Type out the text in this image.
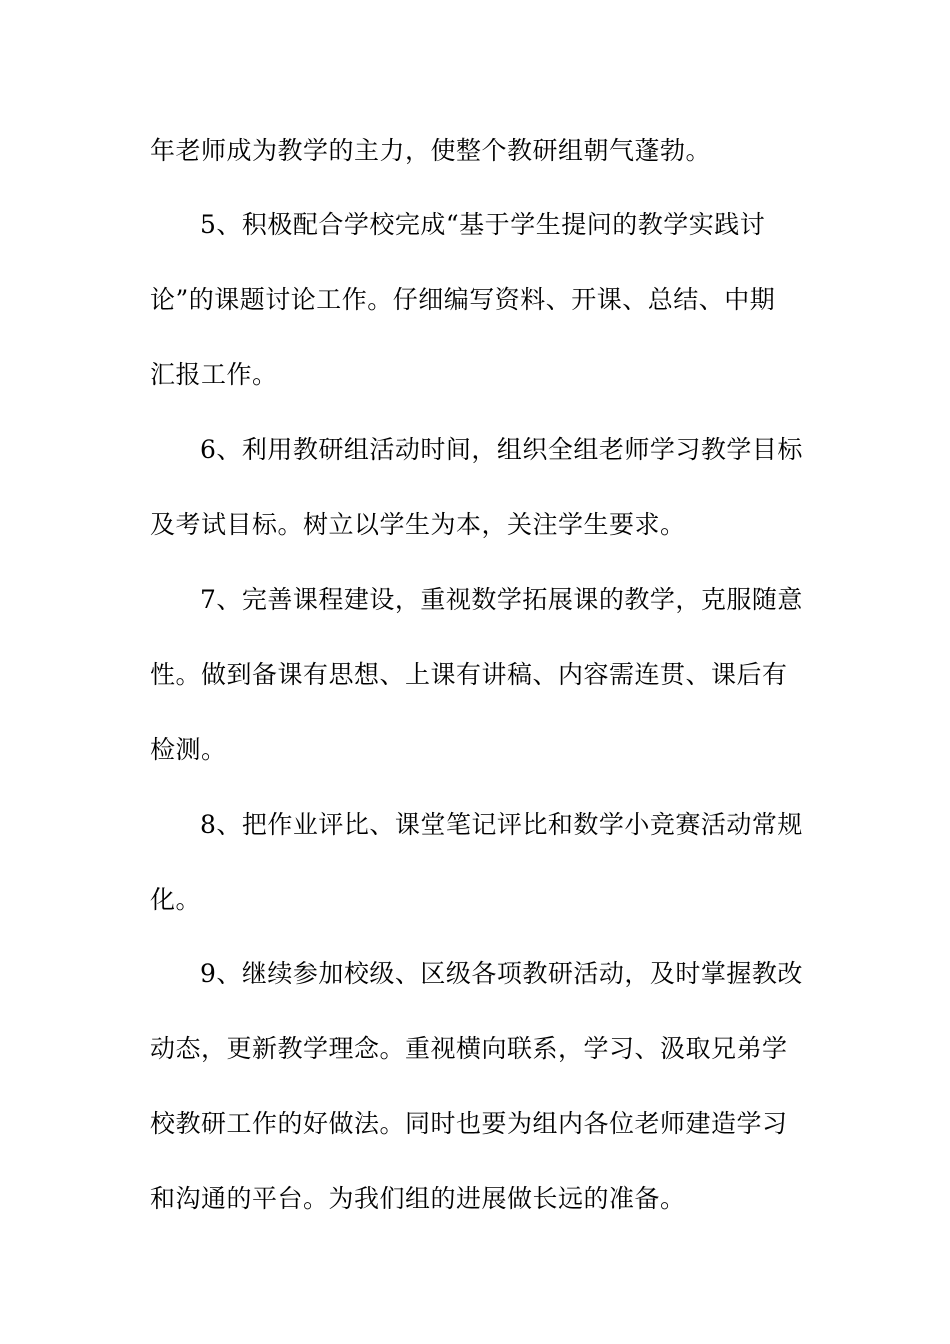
年老师成为教学的主力，使整个教研组朝气蓬勃。
5、积极配合学校完成“基于学生提问的教学实践讨
论”的课题讨论工作。仔细编写资料、开课、总结、中期
汇报工作。
6、利用教研组活动时间，组织全组老师学习教学目标
及考试目标。树立以学生为本，关注学生要求。
7、完善课程建设，重视数学拓展课的教学，克服随意
性。做到备课有思想、上课有讲稿、内容需连贯、课后有
检测。
8、把作业评比、课堂笔记评比和数学小竞赛活动常规
化。
9、继续参加校级、区级各项教研活动，及时掌握教改
动态，更新教学理念。重视横向联系，学习、汲取兄弟学
校教研工作的好做法。同时也要为组内各位老师建造学习
和沟通的平台。为我们组的进展做长远的准备。
